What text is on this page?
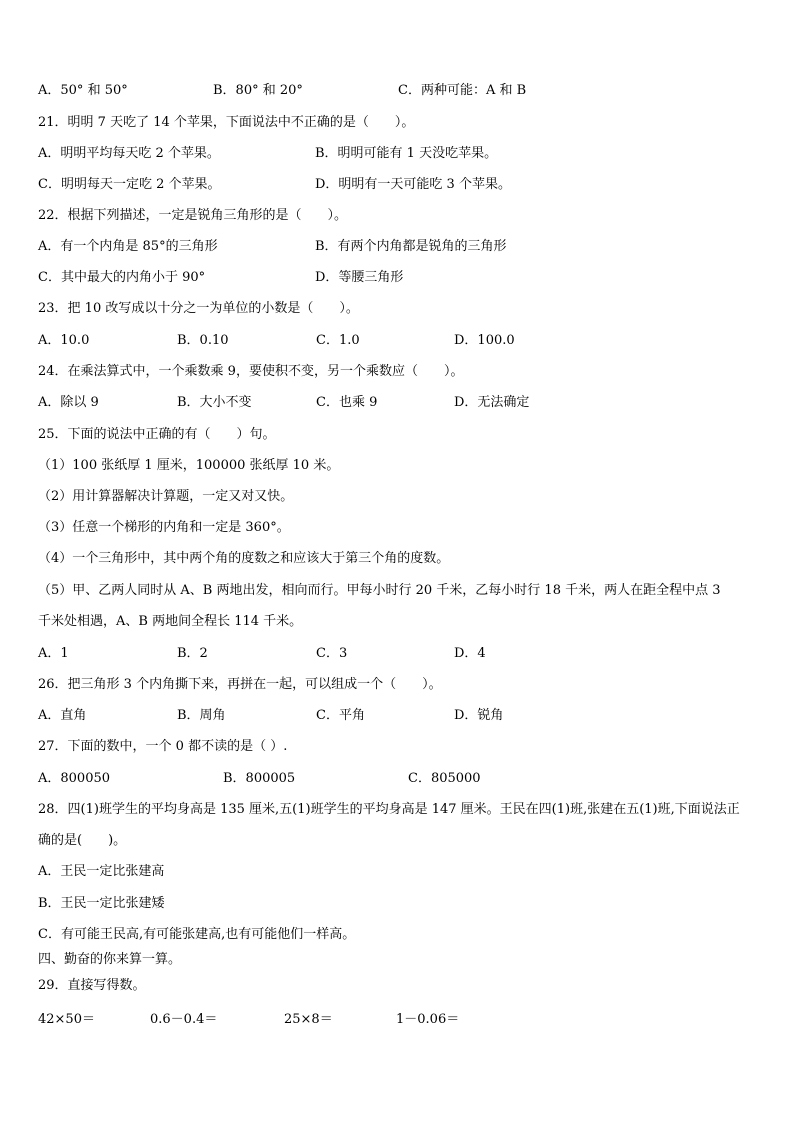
A．50° 和 50°	B．80° 和 20°	C．两种可能：A 和 B
21．明明 7 天吃了 14 个苹果，下面说法中不正确的是（　　）。
A．明明平均每天吃 2 个苹果。	B．明明可能有 1 天没吃苹果。
C．明明每天一定吃 2 个苹果。	D．明明有一天可能吃 3 个苹果。
22．根据下列描述，一定是锐角三角形的是（　　）。
A．有一个内角是 85°的三角形	B．有两个内角都是锐角的三角形
C．其中最大的内角小于 90°	D．等腰三角形
23．把 10 改写成以十分之一为单位的小数是（　　）。
A．10.0	B．0.10	C．1.0	D．100.0
24．在乘法算式中，一个乘数乘 9，要使积不变，另一个乘数应（　　）。
A．除以 9	B．大小不变	C．也乘 9	D．无法确定
25．下面的说法中正确的有（　　）句。
（1）100 张纸厚 1 厘米，100000 张纸厚 10 米。
（2）用计算器解决计算题，一定又对又快。
（3）任意一个梯形的内角和一定是 360°。
（4）一个三角形中，其中两个角的度数之和应该大于第三个角的度数。
（5）甲、乙两人同时从 A、B 两地出发，相向而行。甲每小时行 20 千米，乙每小时行 18 千米，两人在距全程中点 3
千米处相遇，A、B 两地间全程长 114 千米。
A．1	B．2	C．3	D．4
26．把三角形 3 个内角撕下来，再拼在一起，可以组成一个（　　）。
A．直角	B．周角	C．平角	D．锐角
27．下面的数中，一个 0 都不读的是（ ）.
A．800050	B．800005	C．805000
28．四(1)班学生的平均身高是 135 厘米,五(1)班学生的平均身高是 147 厘米。王民在四(1)班,张建在五(1)班,下面说法正
确的是(　　)。
A．王民一定比张建高
B．王民一定比张建矮
C．有可能王民高,有可能张建高,也有可能他们一样高。
四、勤奋的你来算一算。
29．直接写得数。
42×50＝	0.6－0.4＝	25×8＝	1－0.06＝
